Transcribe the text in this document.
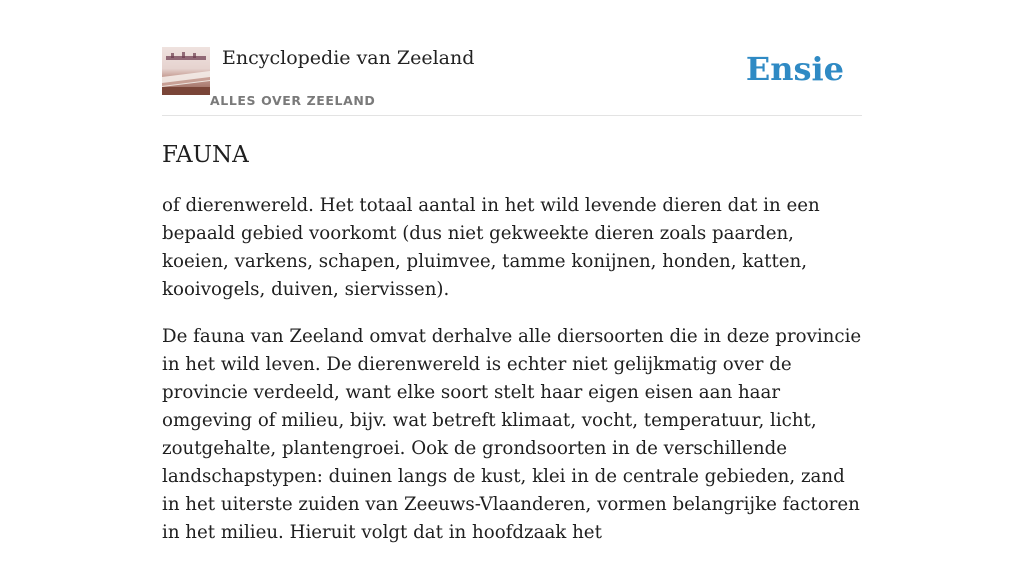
Encyclopedie van Zeeland
ALLES OVER ZEELAND
Ensie
FAUNA

of dierenwereld. Het totaal aantal in het wild levende dieren dat in een bepaald gebied voorkomt (dus niet gekweekte dieren zoals paarden, koeien, varkens, schapen, pluimvee, tamme konijnen, honden, katten, kooivogels, duiven, siervissen).

De fauna van Zeeland omvat derhalve alle diersoorten die in deze provincie in het wild leven. De dierenwereld is echter niet gelijkmatig over de provincie verdeeld, want elke soort stelt haar eigen eisen aan haar omgeving of milieu, bijv. wat betreft klimaat, vocht, temperatuur, licht, zoutgehalte, plantengroei. Ook de grondsoorten in de verschillende landschapstypen: duinen langs de kust, klei in de centrale gebieden, zand in het uiterste zuiden van Zeeuws-Vlaanderen, vormen belangrijke factoren in het milieu. Hieruit volgt dat in hoofdzaak het
